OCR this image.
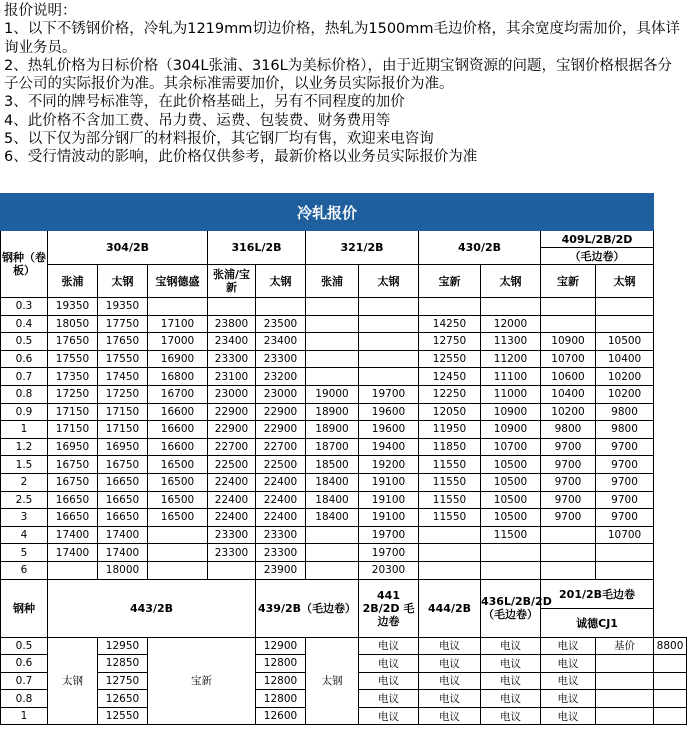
报价说明：
1、以下不锈钢价格，冷轧为1219mm切边价格，热轧为1500mm毛边价格，其余宽度均需加价，具体详询业务员。
2、热轧价格为日标价格（304L张浦、316L为美标价格），由于近期宝钢资源的问题，宝钢价格根据各分子公司的实际报价为准。其余标准需要加价，以业务员实际报价为准。
3、不同的牌号标准等，在此价格基础上，另有不同程度的加价
4、此价格不含加工费、吊力费、运费、包装费、财务费用等
5、以下仅为部分钢厂的材料报价，其它钢厂均有售，欢迎来电咨询
6、受行情波动的影响，此价格仅供参考，最新价格以业务员实际报价为准
冷轧报价												
钢种（卷板）	304/2B			316L/2B		321/2B		430/2B		409L/2B/2D		
										（毛边卷）		
	张浦	太钢	宝钢德盛	张浦/宝新	太钢	张浦	太钢	宝新	太钢	宝新	太钢	
0.3	19350	19350										
0.4	18050	17750	17100	23800	23500			14250	12000			
0.5	17650	17650	17000	23400	23400			12750	11300	10900	10500	
0.6	17550	17550	16900	23300	23300			12550	11200	10700	10400	
0.7	17350	17450	16800	23100	23200			12450	11100	10600	10200	
0.8	17250	17250	16700	23000	23000	19000	19700	12250	11000	10400	10200	
0.9	17150	17150	16600	22900	22900	18900	19600	12050	10900	10200	9800	
1	17150	17150	16600	22900	22900	18900	19600	11950	10900	9800	9800	
1.2	16950	16950	16600	22700	22700	18700	19400	11850	10700	9700	9700	
1.5	16750	16750	16500	22500	22500	18500	19200	11550	10500	9700	9700	
2	16750	16650	16500	22400	22400	18400	19100	11550	10500	9700	9700	
2.5	16650	16650	16500	22400	22400	18400	19100	11550	10500	9700	9700	
3	16650	16650	16500	22400	22400	18400	19100	11550	10500	9700	9700	
4	17400	17400		23300	23300		19700		11500		10700	
5	17400	17400		23300	23300		19700					
6		18000			23900		20300					
钢种	443/2B				439/2B（毛边卷）		441 2B/2D 毛边卷	444/2B	436L/2B/2D（毛边卷）	201/2B毛边卷		
										诚德CJ1		
0.5	太钢	12950	宝新		12900	太钢	电议	电议	电议	电议	基价	8800
0.6		12850			12800		电议	电议	电议	电议		
0.7		12750			12800		电议	电议	电议	电议		
0.8		12650			12800		电议	电议	电议	电议		
1		12550			12600		电议	电议	电议	电议		
